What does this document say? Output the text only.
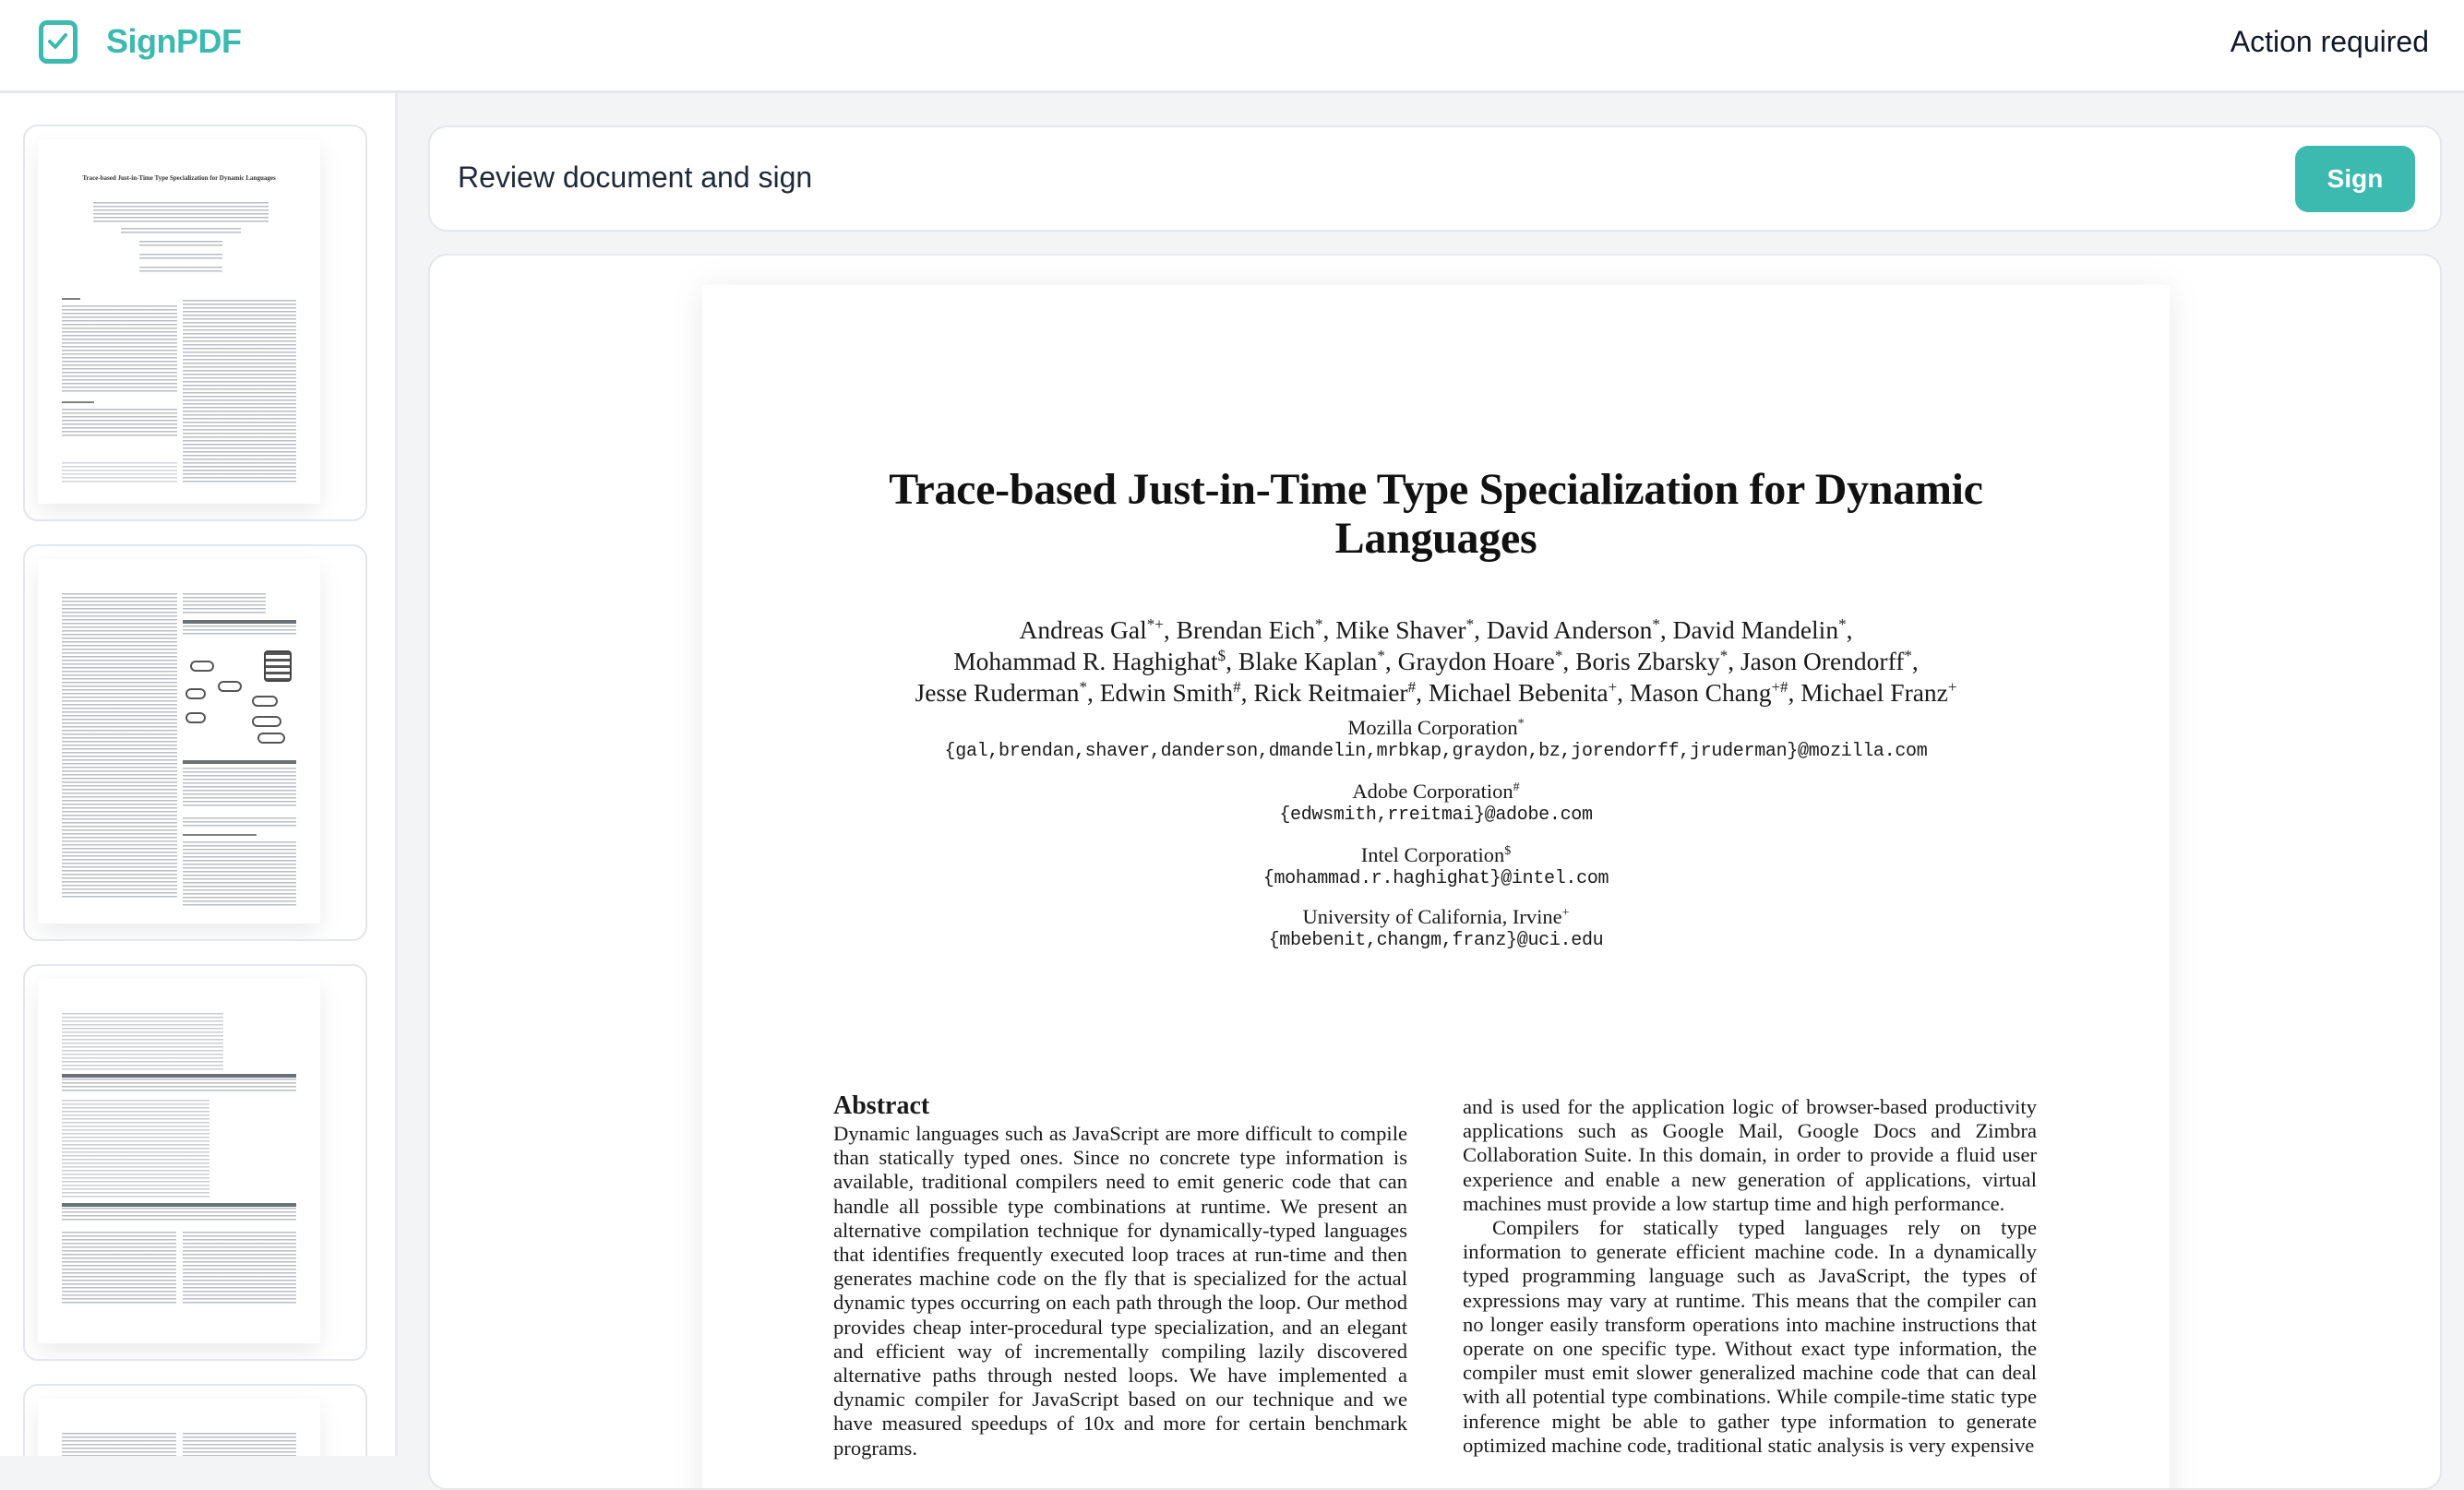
SignPDF	Action required
Trace-based Just-in-Time Type Specialization for Dynamic Languages	Review document and sign	Sign
Trace-based Just-in-Time Type Specialization for Dynamic
Languages
Andreas Gal*+, Brendan Eich*, Mike Shaver*, David Anderson*, David Mandelin*,
Mohammad R. Haghighat$, Blake Kaplan*, Graydon Hoare*, Boris Zbarsky*, Jason Orendorff*,
Jesse Ruderman*, Edwin Smith#, Rick Reitmaier#, Michael Bebenita+, Mason Chang+#, Michael Franz+
Mozilla Corporation*
{gal,brendan,shaver,danderson,dmandelin,mrbkap,graydon,bz,jorendorff,jruderman}@mozilla.com
Adobe Corporation#
{edwsmith,rreitmai}@adobe.com
Intel Corporation$
{mohammad.r.haghighat}@intel.com
University of California, Irvine+
{mbebenit,changm,franz}@uci.edu
Abstract

Dynamic languages such as JavaScript are more difficult to compile than statically typed ones. Since no concrete type information is available, traditional compilers need to emit generic code that can handle all possible type combinations at runtime. We present an alternative compilation technique for dynamically-typed languages that identifies frequently executed loop traces at run-time and then generates machine code on the fly that is specialized for the actual dynamic types occurring on each path through the loop. Our method provides cheap inter-procedural type specialization, and an elegant and efficient way of incrementally compiling lazily discovered alternative paths through nested loops. We have implemented a dynamic compiler for JavaScript based on our technique and we have measured speedups of 10x and more for certain benchmark programs.

and is used for the application logic of browser-based productivity applications such as Google Mail, Google Docs and Zimbra Collaboration Suite. In this domain, in order to provide a fluid user experience and enable a new generation of applications, virtual machines must provide a low startup time and high performance.

Compilers for statically typed languages rely on type information to generate efficient machine code. In a dynamically typed programming language such as JavaScript, the types of expressions may vary at runtime. This means that the compiler can no longer easily transform operations into machine instructions that operate on one specific type. Without exact type information, the compiler must emit slower generalized machine code that can deal with all potential type combinations. While compile-time static type inference might be able to gather type information to generate optimized machine code, traditional static analysis is very expensive
